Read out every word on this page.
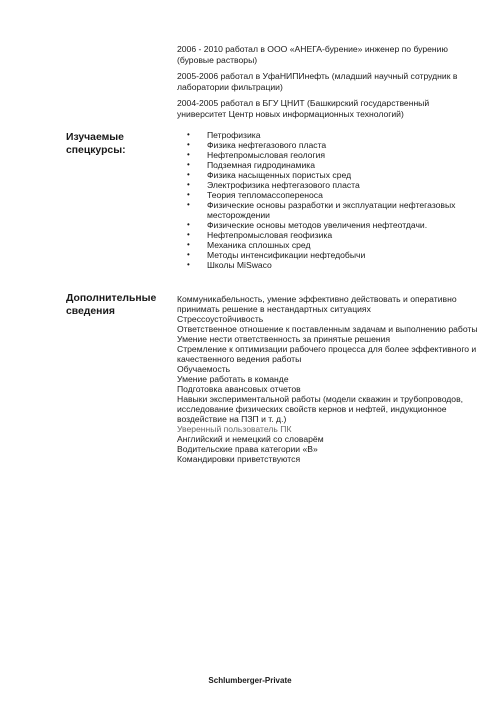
2006 - 2010 работал в ООО «АНЕГА-бурение» инженер по бурению (буровые растворы)

2005-2006 работал в УфаНИПИнефть (младший научный сотрудник в лаборатории фильтрации)

2004-2005 работал в БГУ ЦНИТ (Башкирский государственный университет Центр новых информационных технологий)

Изучаемые
спецкурсы:
• Петрофизика
• Физика нефтегазового пласта
• Нефтепромысловая геология
• Подземная гидродинамика
• Физика насыщенных пористых сред
• Электрофизика нефтегазового пласта
• Теория тепломассопереноса
• Физические основы разработки и эксплуатации нефтегазовых месторождении
• Физические основы методов увеличения нефтеотдачи.
• Нефтепромысловая геофизика
• Механика сплошных сред
• Методы интенсификации нефтедобычи
• Школы MiSwaco
Дополнительные
сведения
Коммуникабельность, умение эффективно действовать и оперативно принимать решение в нестандартных ситуациях
Стрессоустойчивость
Ответственное отношение к поставленным задачам и выполнению работы
Умение нести ответственность за принятые решения
Стремление к оптимизации рабочего процесса для более эффективного и качественного ведения работы
Обучаемость
Умение работать в команде
Подготовка авансовых отчетов
Навыки экспериментальной работы (модели скважин и трубопроводов, исследование физических свойств кернов и нефтей, индукционное воздействие на ПЗП и т. д.)
Уверенный пользователь ПК
Английский и немецкий со словарём
Водительские права категории «В»
Командировки приветствуются
Schlumberger-Private
